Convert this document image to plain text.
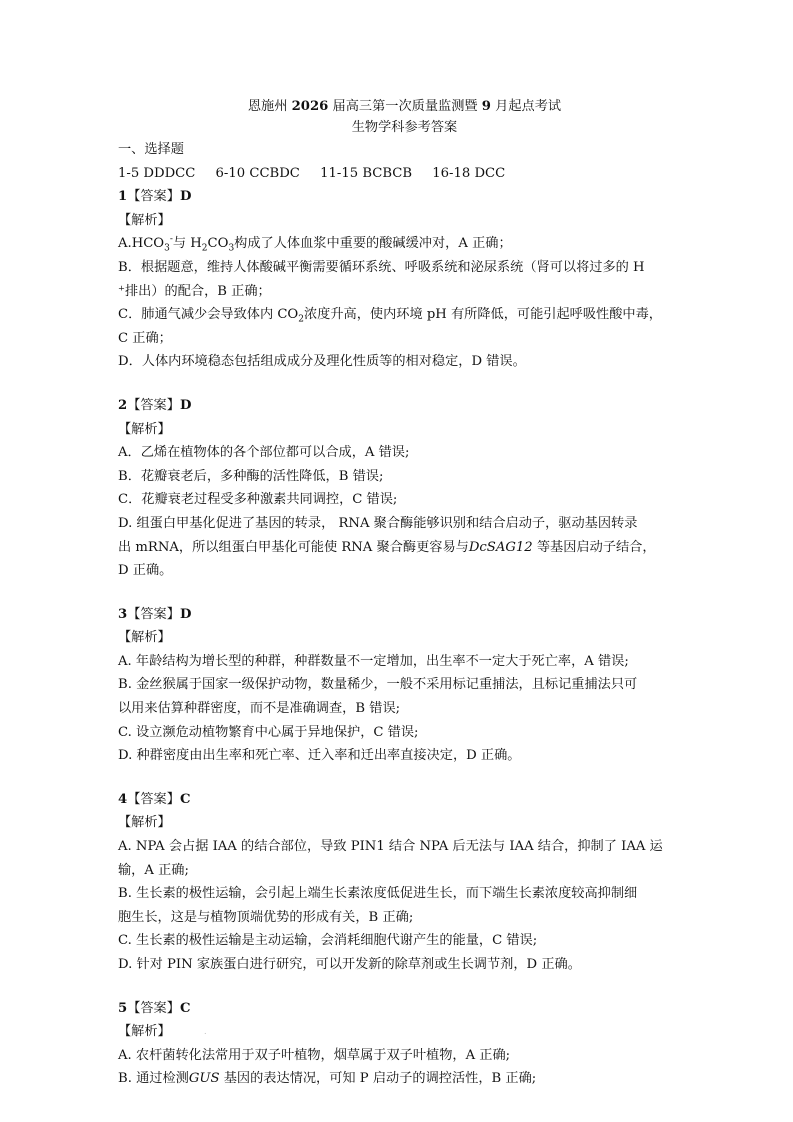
恩施州 2026 届高三第一次质量监测暨 9 月起点考试
生物学科参考答案
一、选择题
1-5 DDDCC 6-10 CCBDC 11-15 BCBCB 16-18 DCC
1【答案】D
【解析】
$A.HCO_3^-$与 $H_2CO_3$构成了人体血浆中重要的酸碱缓冲对，A 正确；
B．根据题意，维持人体酸碱平衡需要循环系统、呼吸系统和泌尿系统（肾可以将过多的 H
⁺排出）的配合，B 正确；
C．肺通气减少会导致体内 $CO_2$浓度升高，使内环境 pH 有所降低，可能引起呼吸性酸中毒，
C 正确；
D．人体内环境稳态包括组成成分及理化性质等的相对稳定，D 错误。
2【答案】D
【解析】
A．乙烯在植物体的各个部位都可以合成，A 错误;
B．花瓣衰老后，多种酶的活性降低，B 错误;
C．花瓣衰老过程受多种激素共同调控，C 错误;
D. 组蛋白甲基化促进了基因的转录， RNA 聚合酶能够识别和结合启动子，驱动基因转录
出 mRNA，所以组蛋白甲基化可能使 RNA 聚合酶更容易与DcSAG12 等基因启动子结合，
D 正确。
3【答案】D
【解析】
A. 年龄结构为增长型的种群，种群数量不一定增加，出生率不一定大于死亡率，A 错误;
B. 金丝猴属于国家一级保护动物，数量稀少，一般不采用标记重捕法，且标记重捕法只可
以用来估算种群密度，而不是准确调查，B 错误;
C. 设立濒危动植物繁育中心属于异地保护，C 错误;
D. 种群密度由出生率和死亡率、迁入率和迁出率直接决定，D 正确。
4【答案】C
【解析】
A. NPA 会占据 IAA 的结合部位，导致 PIN1 结合 NPA 后无法与 IAA 结合，抑制了 IAA 运
输，A 正确;
B. 生长素的极性运输，会引起上端生长素浓度低促进生长，而下端生长素浓度较高抑制细
胞生长，这是与植物顶端优势的形成有关，B 正确;
C. 生长素的极性运输是主动运输，会消耗细胞代谢产生的能量，C 错误;
D. 针对 PIN 家族蛋白进行研究，可以开发新的除草剂或生长调节剂，D 正确。
5【答案】C
【解析】
A. 农杆菌转化法常用于双子叶植物，烟草属于双子叶植物，A 正确;
B. 通过检测GUS 基因的表达情况，可知 P 启动子的调控活性，B 正确;
.
